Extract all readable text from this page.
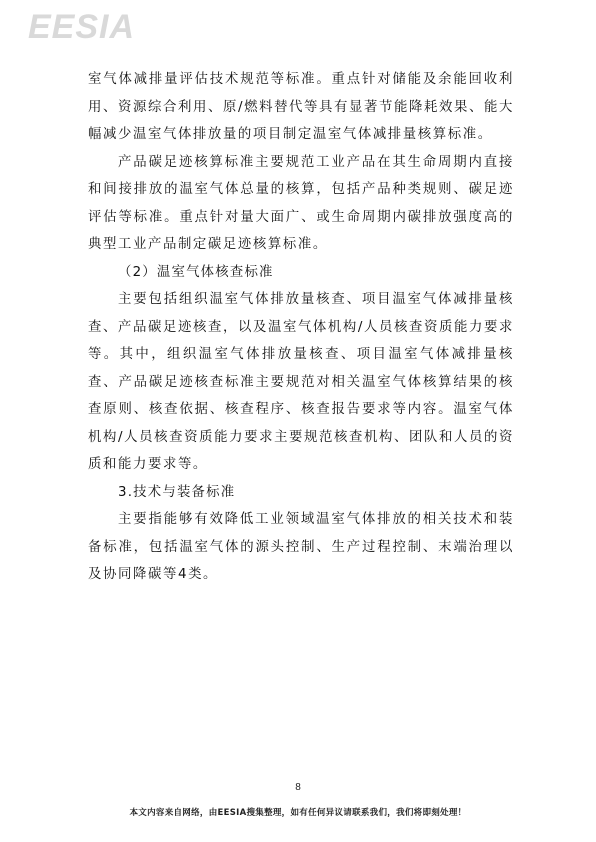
EESIA

室气体减排量评估技术规范等标准。重点针对储能及余能回收利用、资源综合利用、原/燃料替代等具有显著节能降耗效果、能大幅减少温室气体排放量的项目制定温室气体减排量核算标准。

产品碳足迹核算标准主要规范工业产品在其生命周期内直接和间接排放的温室气体总量的核算，包括产品种类规则、碳足迹评估等标准。重点针对量大面广、或生命周期内碳排放强度高的典型工业产品制定碳足迹核算标准。

（2）温室气体核查标准

主要包括组织温室气体排放量核查、项目温室气体减排量核查、产品碳足迹核查，以及温室气体机构/人员核查资质能力要求等。其中，组织温室气体排放量核查、项目温室气体减排量核查、产品碳足迹核查标准主要规范对相关温室气体核算结果的核查原则、核查依据、核查程序、核查报告要求等内容。温室气体机构/人员核查资质能力要求主要规范核查机构、团队和人员的资质和能力要求等。

3.技术与装备标准

主要指能够有效降低工业领域温室气体排放的相关技术和装备标准，包括温室气体的源头控制、生产过程控制、末端治理以及协同降碳等4类。

8
本文内容来自网络，由EESIA搜集整理，如有任何异议请联系我们，我们将即刻处理！
